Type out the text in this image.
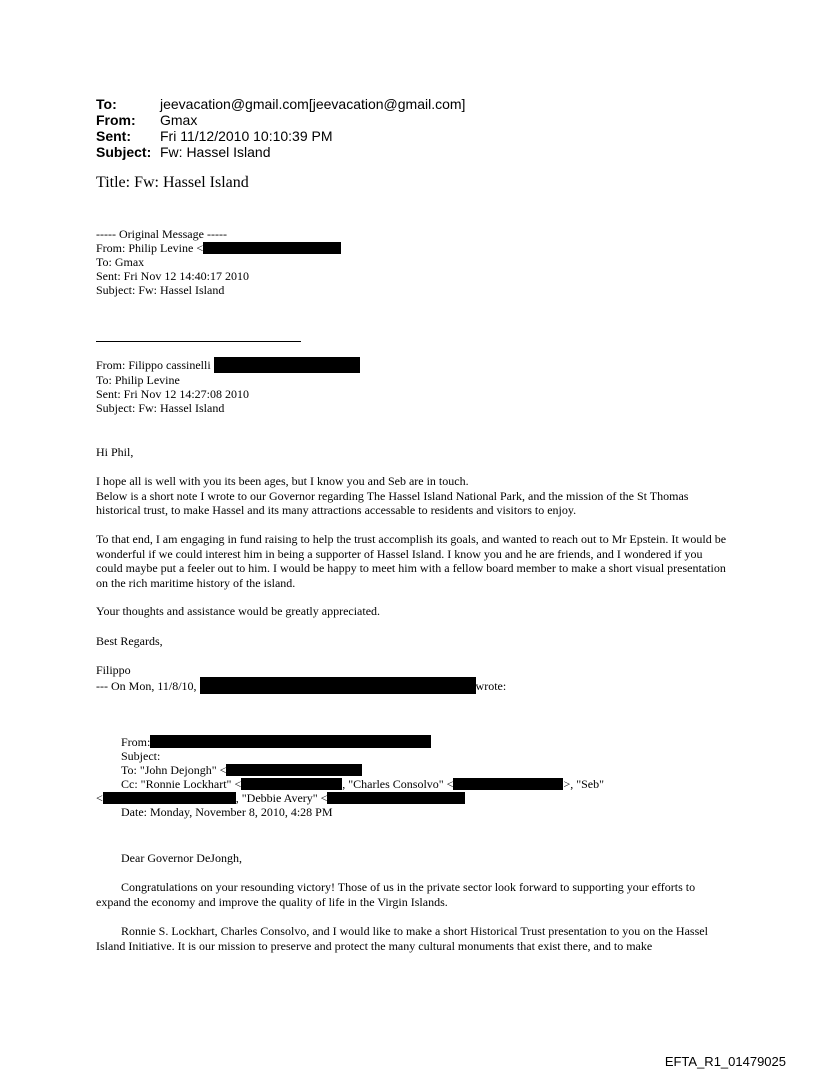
To:	jeevacation@gmail.com[jeevacation@gmail.com]
From:	Gmax
Sent:	Fri 11/12/2010 10:10:39 PM
Subject: Fw: Hassel Island
Title: Fw: Hassel Island
----- Original Message -----
From: Philip Levine <
To: Gmax
Sent: Fri Nov 12 14:40:17 2010
Subject: Fw: Hassel Island
From: Filippo cassinelli
To: Philip Levine
Sent: Fri Nov 12 14:27:08 2010
Subject: Fw: Hassel Island
Hi Phil,
I hope all is well with you its been ages, but I know you and Seb are in touch.
Below is a short note I wrote to our Governor regarding The Hassel Island National Park, and the mission of the St Thomas historical trust, to make Hassel and its many attractions accessable to residents and visitors to enjoy.
To that end, I am engaging in fund raising to help the trust accomplish its goals, and wanted to reach out to Mr Epstein. It would be wonderful if we could interest him in being a supporter of Hassel Island. I know you and he are friends, and I wondered if you could maybe put a feeler out to him. I would be happy to meet him with a fellow board member to make a short visual presentation on the rich maritime history of the island.
Your thoughts and assistance would be greatly appreciated.
Best Regards,
Filippo
--- On Mon, 11/8/10,	wrote:
From:
Subject:
To: "John Dejongh" <
Cc: "Ronnie Lockhart" <	, "Charles Consolvo" <	>, "Seb"
<	, "Debbie Avery" <
Date: Monday, November 8, 2010, 4:28 PM
Dear Governor DeJongh,
Congratulations on your resounding victory! Those of us in the private sector look forward to supporting your efforts to expand the economy and improve the quality of life in the Virgin Islands.
Ronnie S. Lockhart, Charles Consolvo, and I would like to make a short Historical Trust presentation to you on the Hassel Island Initiative. It is our mission to preserve and protect the many cultural monuments that exist there, and to make
EFTA_R1_01479025
